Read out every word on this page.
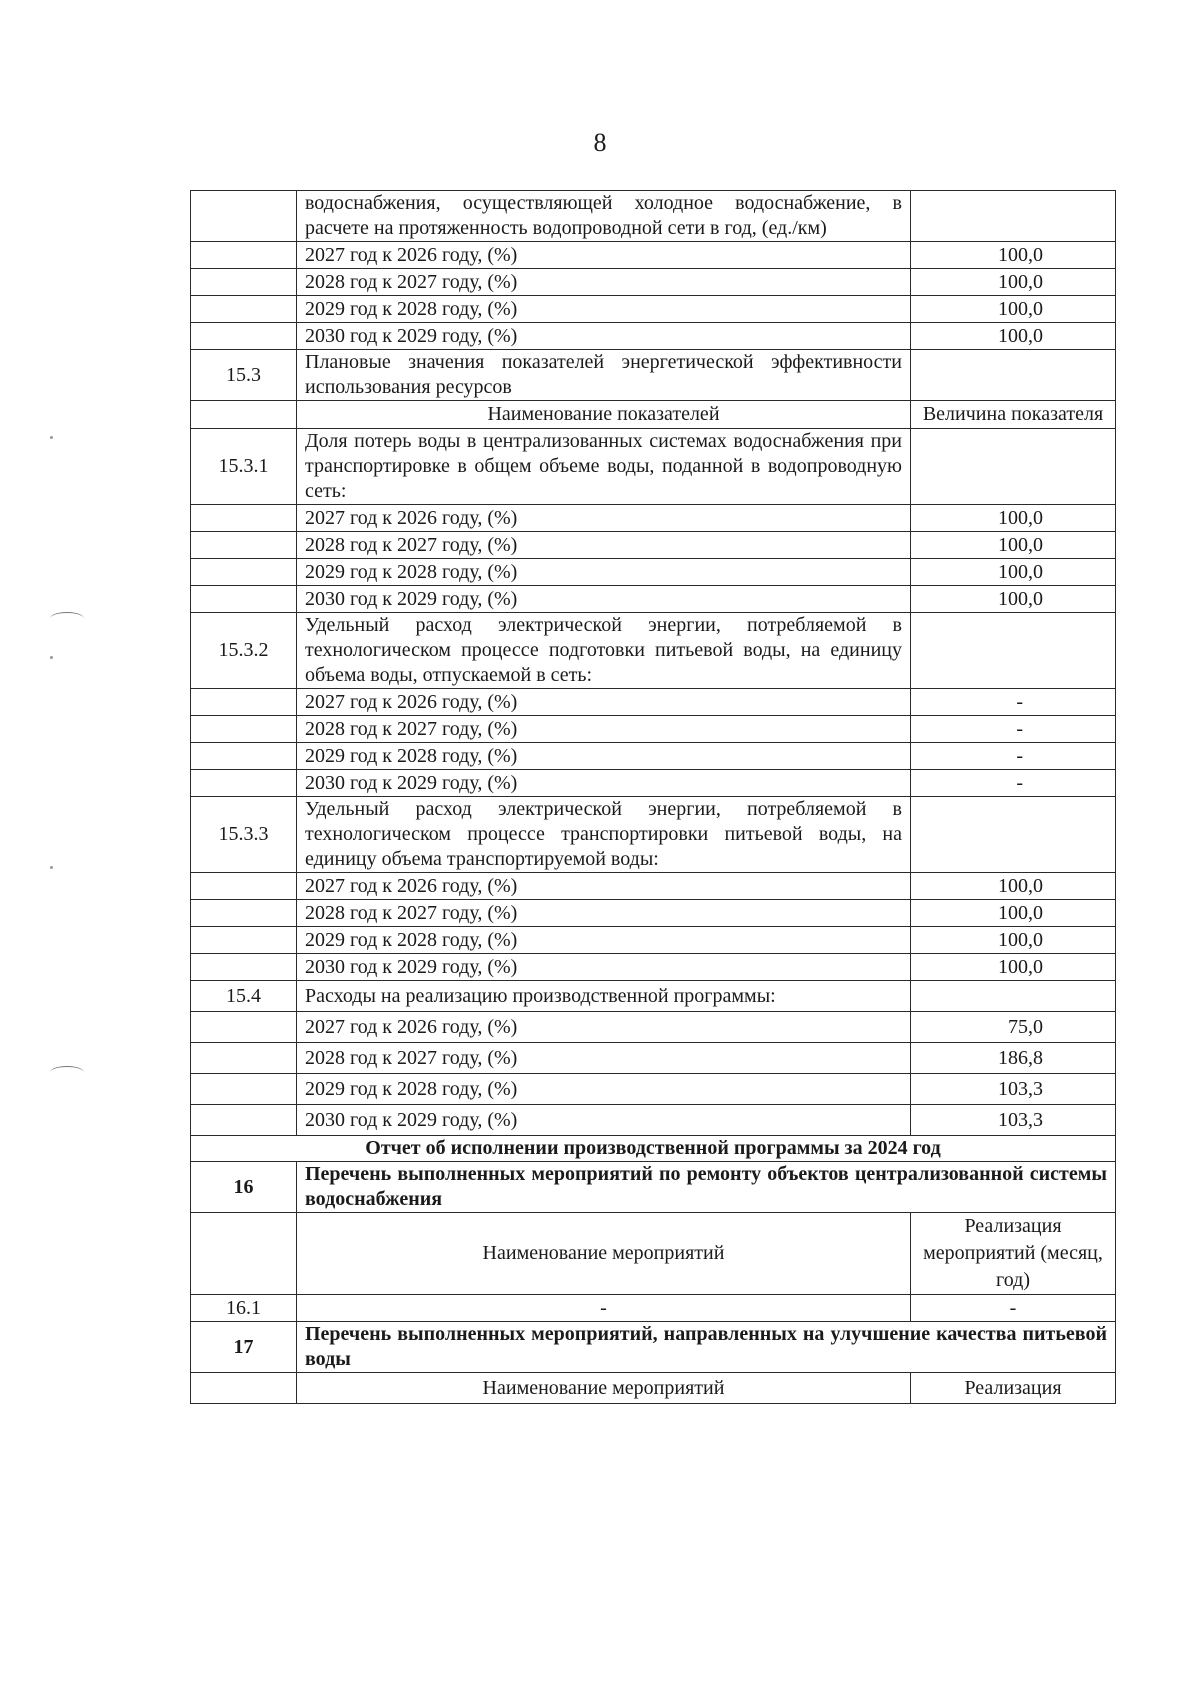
8
	водоснабжения, осуществляющей холодное водоснабжение, в расчете на протяженность водопроводной сети в год, (ед./км)	
	2027 год к 2026 году, (%)	100,0
	2028 год к 2027 году, (%)	100,0
	2029 год к 2028 году, (%)	100,0
	2030 год к 2029 году, (%)	100,0
15.3	Плановые значения показателей энергетической эффективности использования ресурсов	
	Наименование показателей	Величина показателя
15.3.1	Доля потерь воды в централизованных системах водоснабжения при транспортировке в общем объеме воды, поданной в водопроводную сеть:	
	2027 год к 2026 году, (%)	100,0
	2028 год к 2027 году, (%)	100,0
	2029 год к 2028 году, (%)	100,0
	2030 год к 2029 году, (%)	100,0
15.3.2	Удельный расход электрической энергии, потребляемой в технологическом процессе подготовки питьевой воды, на единицу объема воды, отпускаемой в сеть:	
	2027 год к 2026 году, (%)	-
	2028 год к 2027 году, (%)	-
	2029 год к 2028 году, (%)	-
	2030 год к 2029 году, (%)	-
15.3.3	Удельный расход электрической энергии, потребляемой в технологическом процессе транспортировки питьевой воды, на единицу объема транспортируемой воды:	
	2027 год к 2026 году, (%)	100,0
	2028 год к 2027 году, (%)	100,0
	2029 год к 2028 году, (%)	100,0
	2030 год к 2029 году, (%)	100,0
15.4	Расходы на реализацию производственной программы:	
	2027 год к 2026 году, (%)	75,0
	2028 год к 2027 году, (%)	186,8
	2029 год к 2028 году, (%)	103,3
	2030 год к 2029 году, (%)	103,3
Отчет об исполнении производственной программы за 2024 год		
16	Перечень выполненных мероприятий по ремонту объектов централизованной системы водоснабжения	
	Наименование мероприятий	Реализация мероприятий (месяц, год)
16.1	-	-
17	Перечень выполненных мероприятий, направленных на улучшение качества питьевой воды	
	Наименование мероприятий	Реализация
